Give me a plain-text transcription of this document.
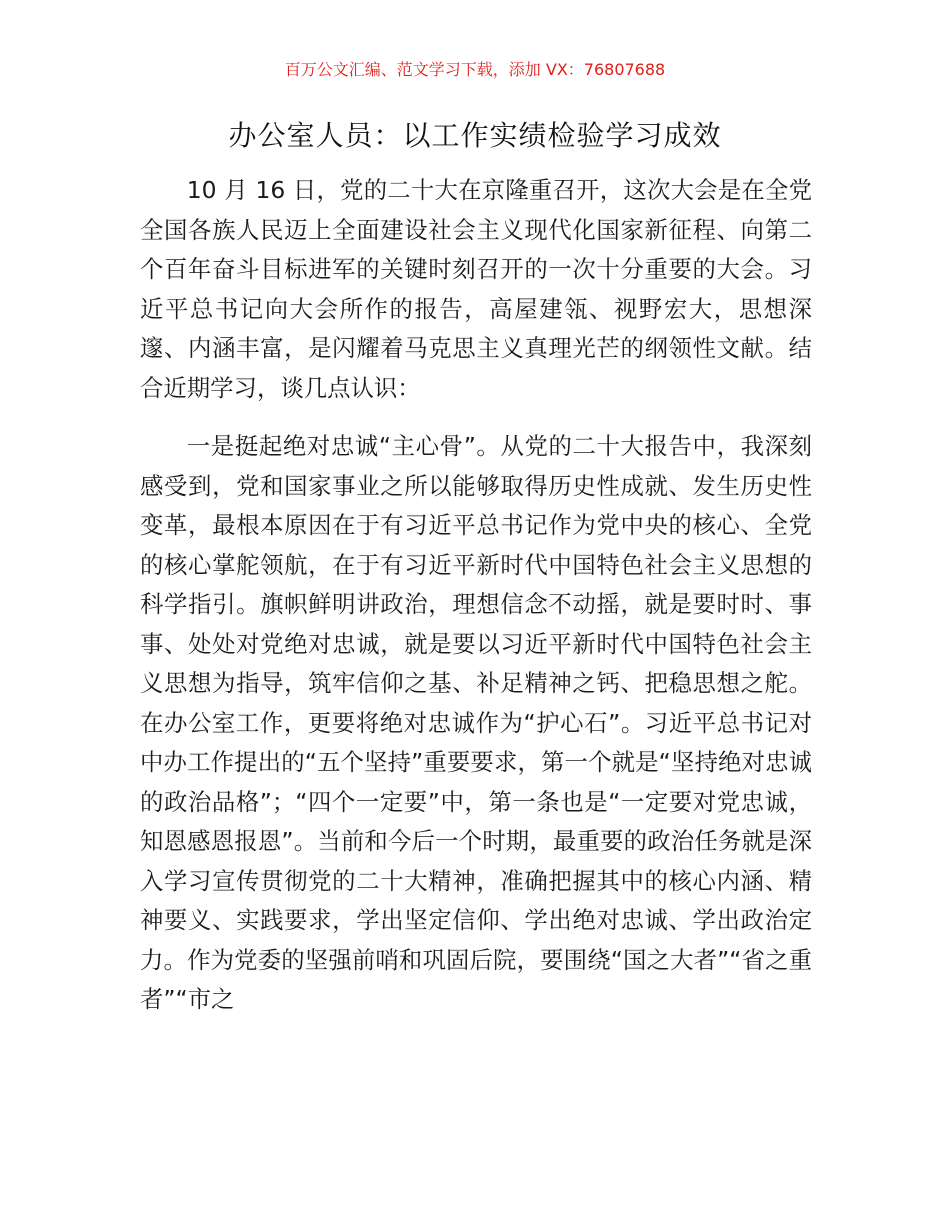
百万公文汇编、范文学习下载，添加 VX：76807688
办公室人员：以工作实绩检验学习成效

10 月 16 日，党的二十大在京隆重召开，这次大会是在全党全国各族人民迈上全面建设社会主义现代化国家新征程、向第二个百年奋斗目标进军的关键时刻召开的一次十分重要的大会。习近平总书记向大会所作的报告，高屋建瓴、视野宏大，思想深邃、内涵丰富，是闪耀着马克思主义真理光芒的纲领性文献。结合近期学习，谈几点认识：

一是挺起绝对忠诚“主心骨”。从党的二十大报告中，我深刻感受到，党和国家事业之所以能够取得历史性成就、发生历史性变革，最根本原因在于有习近平总书记作为党中央的核心、全党的核心掌舵领航，在于有习近平新时代中国特色社会主义思想的科学指引。旗帜鲜明讲政治，理想信念不动摇，就是要时时、事事、处处对党绝对忠诚，就是要以习近平新时代中国特色社会主义思想为指导，筑牢信仰之基、补足精神之钙、把稳思想之舵。在办公室工作，更要将绝对忠诚作为“护心石”。习近平总书记对中办工作提出的“五个坚持”重要要求，第一个就是“坚持绝对忠诚的政治品格”；“四个一定要”中，第一条也是“一定要对党忠诚，知恩感恩报恩”。当前和今后一个时期，最重要的政治任务就是深入学习宣传贯彻党的二十大精神，准确把握其中的核心内涵、精神要义、实践要求，学出坚定信仰、学出绝对忠诚、学出政治定力。作为党委的坚强前哨和巩固后院，要围绕“国之大者”“省之重者”“市之
